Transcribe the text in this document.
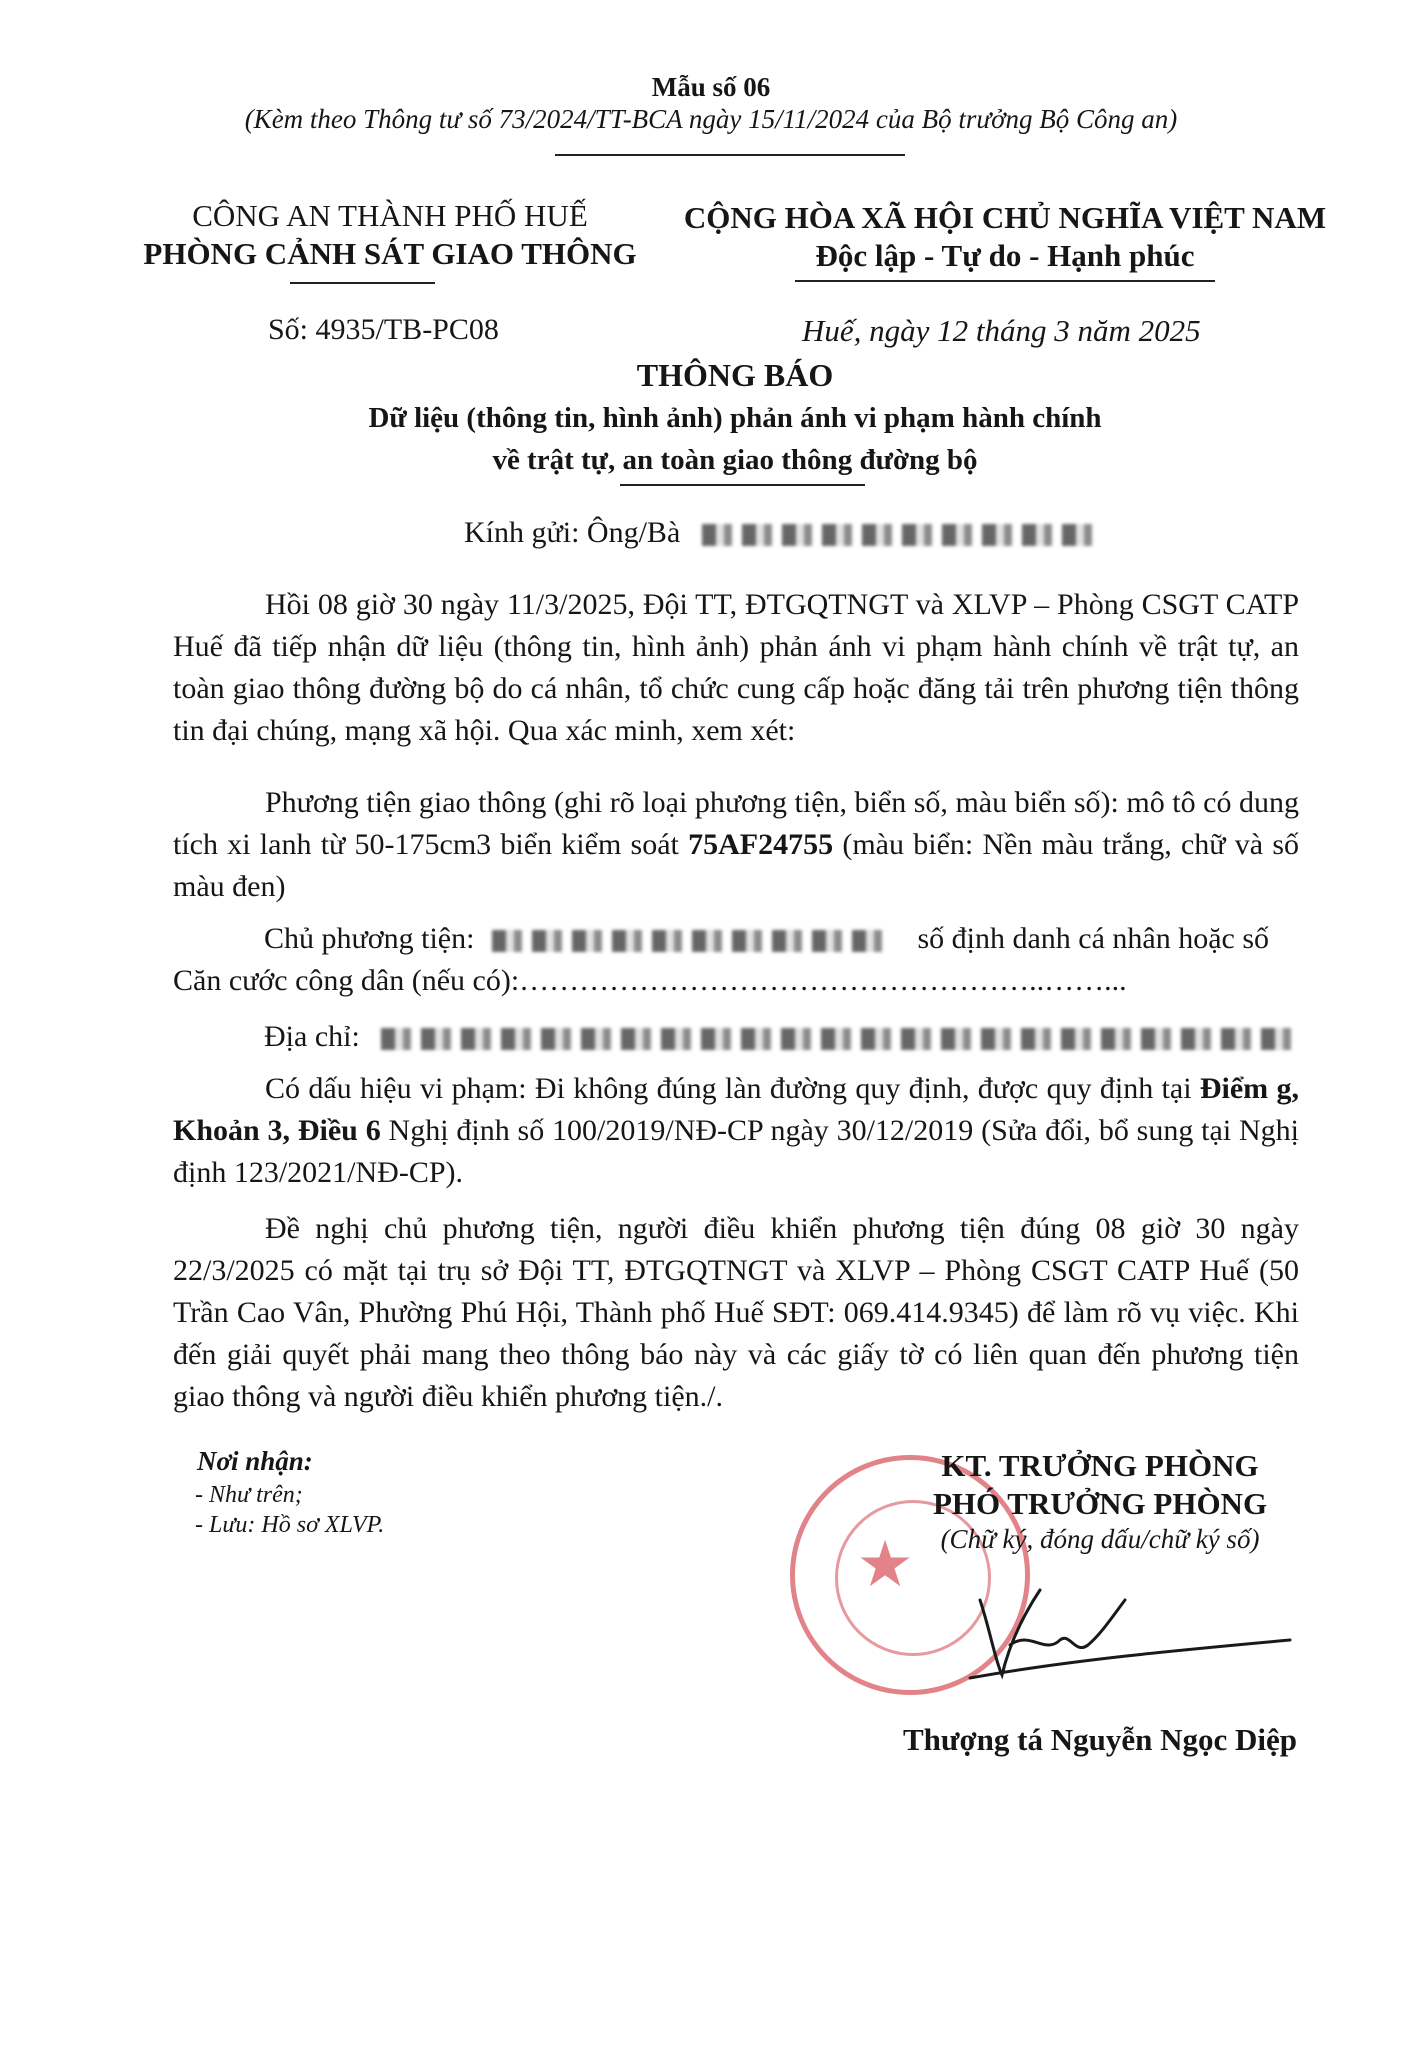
Mẫu số 06
(Kèm theo Thông tư số 73/2024/TT-BCA ngày 15/11/2024 của Bộ trưởng Bộ Công an)
CÔNG AN THÀNH PHỐ HUẾ
PHÒNG CẢNH SÁT GIAO THÔNG
CỘNG HÒA XÃ HỘI CHỦ NGHĨA VIỆT NAM
Độc lập - Tự do - Hạnh phúc
Số: 4935/TB-PC08	Huế, ngày 12 tháng 3 năm 2025
THÔNG BÁO
Dữ liệu (thông tin, hình ảnh) phản ánh vi phạm hành chính
về trật tự, an toàn giao thông đường bộ
Kính gửi: Ông/Bà
Hồi 08 giờ 30 ngày 11/3/2025, Đội TT, ĐTGQTNGT và XLVP – Phòng CSGT CATP Huế đã tiếp nhận dữ liệu (thông tin, hình ảnh) phản ánh vi phạm hành chính về trật tự, an toàn giao thông đường bộ do cá nhân, tổ chức cung cấp hoặc đăng tải trên phương tiện thông tin đại chúng, mạng xã hội. Qua xác minh, xem xét:
Phương tiện giao thông (ghi rõ loại phương tiện, biển số, màu biển số): mô tô có dung tích xi lanh từ 50-175cm3 biển kiểm soát 75AF24755 (màu biển: Nền màu trắng, chữ và số màu đen)
Chủ phương tiện:	số định danh cá nhân hoặc số
Căn cước công dân (nếu có):……………………………………………..……...
Địa chỉ:
Có dấu hiệu vi phạm: Đi không đúng làn đường quy định, được quy định tại Điểm g, Khoản 3, Điều 6 Nghị định số 100/2019/NĐ-CP ngày 30/12/2019 (Sửa đổi, bổ sung tại Nghị định 123/2021/NĐ-CP).
Đề nghị chủ phương tiện, người điều khiển phương tiện đúng 08 giờ 30 ngày 22/3/2025 có mặt tại trụ sở Đội TT, ĐTGQTNGT và XLVP – Phòng CSGT CATP Huế (50 Trần Cao Vân, Phường Phú Hội, Thành phố Huế SĐT: 069.414.9345) để làm rõ vụ việc. Khi đến giải quyết phải mang theo thông báo này và các giấy tờ có liên quan đến phương tiện giao thông và người điều khiển phương tiện./.
Nơi nhận:
- Như trên;
- Lưu: Hồ sơ XLVP.
★
KT. TRƯỞNG PHÒNG
PHÓ TRƯỞNG PHÒNG
(Chữ ký, đóng dấu/chữ ký số)
Thượng tá Nguyễn Ngọc Diệp
